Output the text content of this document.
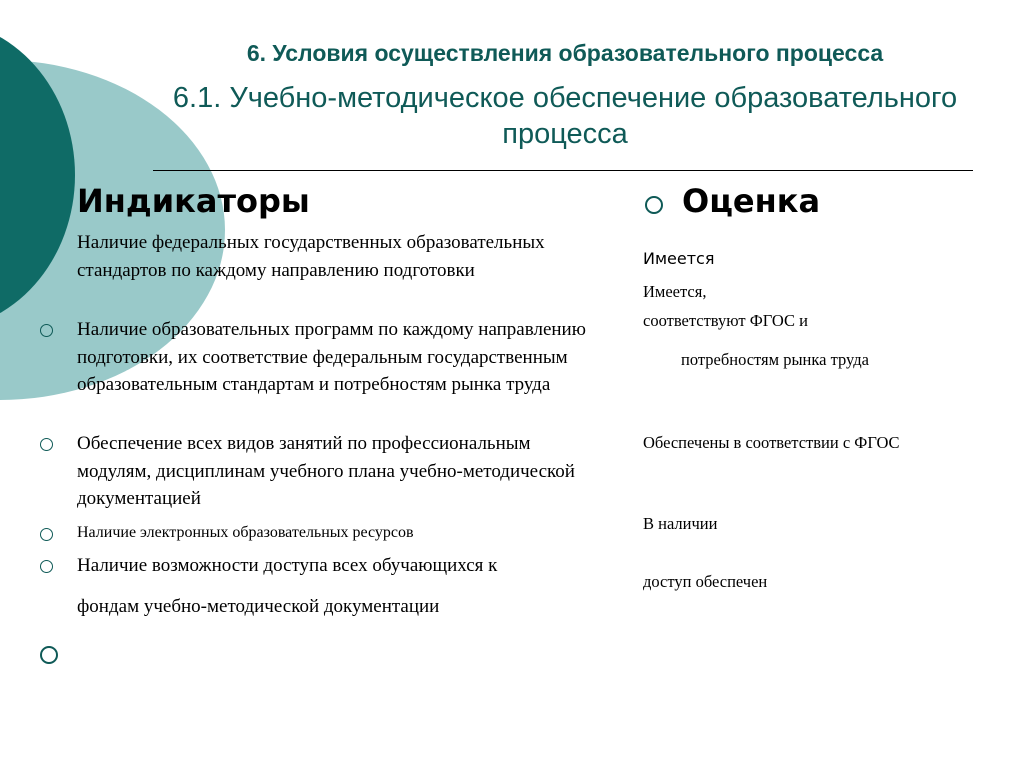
6. Условия осуществления образовательного процесса
6.1. Учебно-методическое обеспечение образовательного процесса
Индикаторы
Наличие федеральных государственных образовательных стандартов по каждому направлению подготовки
Наличие образовательных программ по каждому направлению подготовки, их соответствие федеральным государственным образовательным стандартам и потребностям рынка труда
Обеспечение всех видов занятий по профессиональным модулям, дисциплинам учебного плана учебно-методической документацией
Наличие электронных образовательных ресурсов
Наличие возможности доступа всех обучающихся к
фондам учебно-методической документации
Оценка
Имеется
Имеется,
соответствуют ФГОС и
потребностям рынка труда
Обеспечены в соответствии с ФГОС
В наличии
доступ обеспечен
